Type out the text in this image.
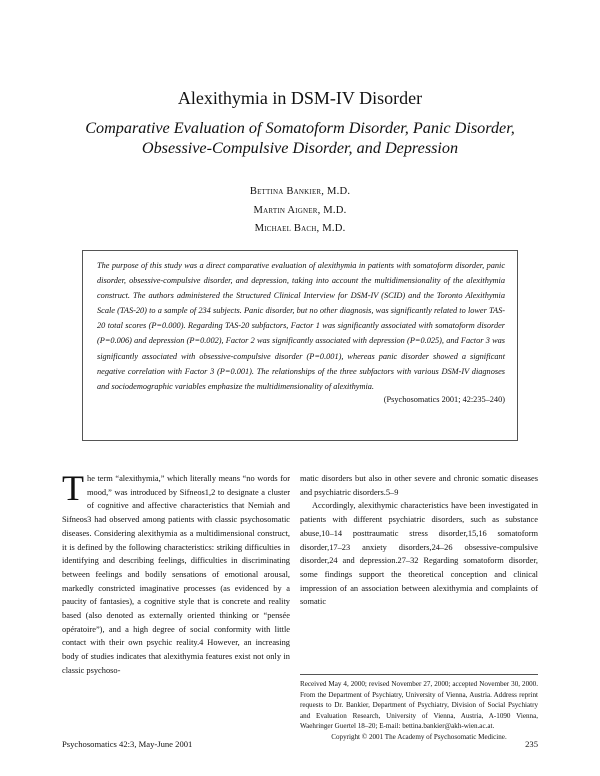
Alexithymia in DSM-IV Disorder
Comparative Evaluation of Somatoform Disorder, Panic Disorder,
Obsessive-Compulsive Disorder, and Depression
Bettina Bankier, M.D.
Martin Aigner, M.D.
Michael Bach, M.D.

The purpose of this study was a direct comparative evaluation of alexithymia in patients with somatoform disorder, panic disorder, obsessive-compulsive disorder, and depression, taking into account the multidimensionality of the alexithymia construct. The authors administered the Structured Clinical Interview for DSM-IV (SCID) and the Toronto Alexithymia Scale (TAS-20) to a sample of 234 subjects. Panic disorder, but no other diagnosis, was significantly related to lower TAS-20 total scores (P=0.000). Regarding TAS-20 subfactors, Factor 1 was significantly associated with somatoform disorder (P=0.006) and depression (P=0.002), Factor 2 was significantly associated with depression (P=0.025), and Factor 3 was significantly associated with obsessive-compulsive disorder (P=0.001), whereas panic disorder showed a significant negative correlation with Factor 3 (P=0.001). The relationships of the three subfactors with various DSM-IV diagnoses and sociodemographic variables emphasize the multidimensionality of alexithymia.

(Psychosomatics 2001; 42:235–240)

The term “alexithymia,” which literally means “no words for mood,” was introduced by Sifneos1,2 to designate a cluster of cognitive and affective characteristics that Nemiah and Sifneos3 had observed among patients with classic psychosomatic diseases. Considering alexithymia as a multidimensional construct, it is defined by the following characteristics: striking difficulties in identifying and describing feelings, difficulties in discriminating between feelings and bodily sensations of emotional arousal, markedly constricted imaginative processes (as evidenced by a paucity of fantasies), a cognitive style that is concrete and reality based (also denoted as externally oriented thinking or “pensée opératoire”), and a high degree of social conformity with little contact with their own psychic reality.4 However, an increasing body of studies indicates that alexithymia features exist not only in classic psychoso-

matic disorders but also in other severe and chronic somatic diseases and psychiatric disorders.5–9

Accordingly, alexithymic characteristics have been investigated in patients with different psychiatric disorders, such as substance abuse,10–14 posttraumatic stress disorder,15,16 somatoform disorder,17–23 anxiety disorders,24–26 obsessive-compulsive disorder,24 and depression.27–32 Regarding somatoform disorder, some findings support the theoretical conception and clinical impression of an association between alexithymia and complaints of somatic

Received May 4, 2000; revised November 27, 2000; accepted November 30, 2000. From the Department of Psychiatry, University of Vienna, Austria. Address reprint requests to Dr. Bankier, Department of Psychiatry, Division of Social Psychiatry and Evaluation Research, University of Vienna, Austria, A-1090 Vienna, Waehringer Guertel 18–20; E-mail: bettina.bankier@akh-wien.ac.at.
Copyright © 2001 The Academy of Psychosomatic Medicine.
Psychosomatics 42:3, May-June 2001	235
